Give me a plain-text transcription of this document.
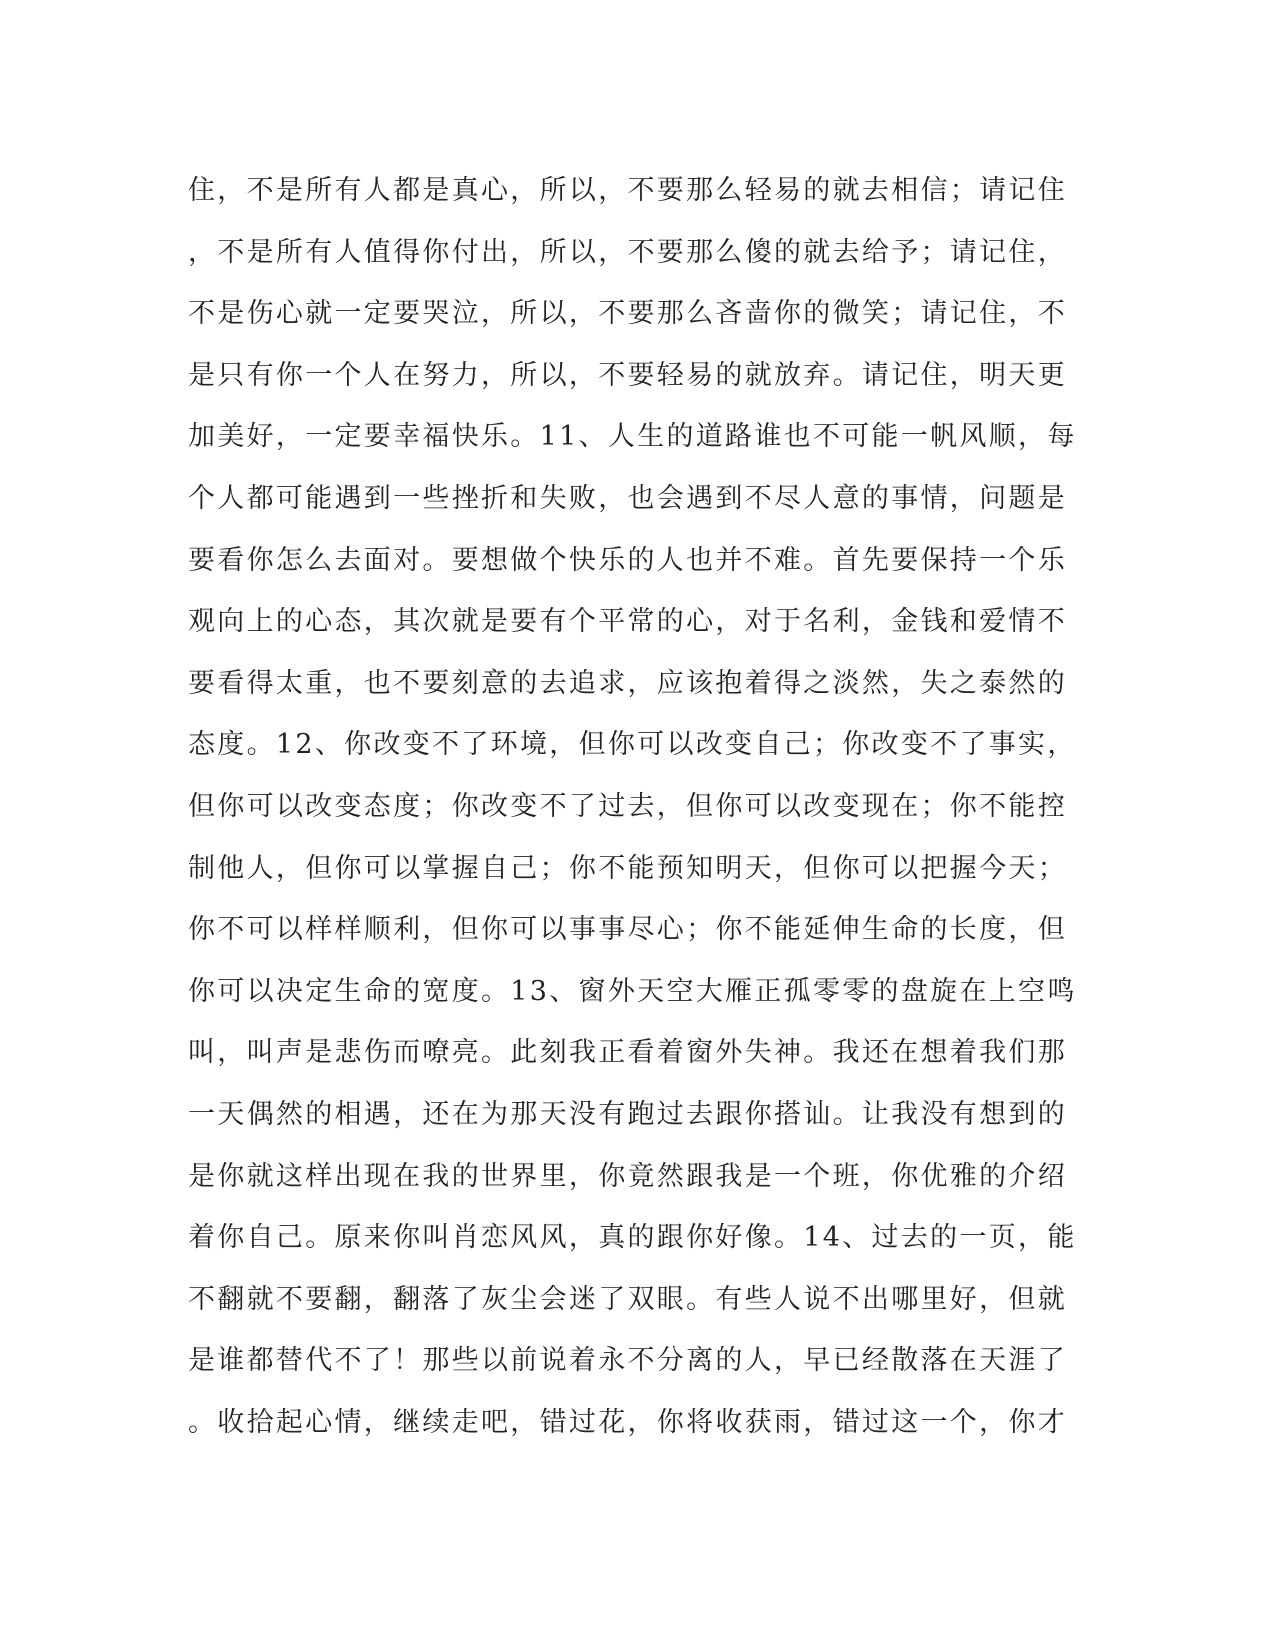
住，不是所有人都是真心，所以，不要那么轻易的就去相信；请记住
，不是所有人值得你付出，所以，不要那么傻的就去给予；请记住，
不是伤心就一定要哭泣，所以，不要那么吝啬你的微笑；请记住，不
是只有你一个人在努力，所以，不要轻易的就放弃。请记住，明天更
加美好，一定要幸福快乐。11、人生的道路谁也不可能一帆风顺，每
个人都可能遇到一些挫折和失败，也会遇到不尽人意的事情，问题是
要看你怎么去面对。要想做个快乐的人也并不难。首先要保持一个乐
观向上的心态，其次就是要有个平常的心，对于名利，金钱和爱情不
要看得太重，也不要刻意的去追求，应该抱着得之淡然，失之泰然的
态度。12、你改变不了环境，但你可以改变自己；你改变不了事实，
但你可以改变态度；你改变不了过去，但你可以改变现在；你不能控
制他人，但你可以掌握自己；你不能预知明天，但你可以把握今天；
你不可以样样顺利，但你可以事事尽心；你不能延伸生命的长度，但
你可以决定生命的宽度。13、窗外天空大雁正孤零零的盘旋在上空鸣
叫，叫声是悲伤而嘹亮。此刻我正看着窗外失神。我还在想着我们那
一天偶然的相遇，还在为那天没有跑过去跟你搭讪。让我没有想到的
是你就这样出现在我的世界里，你竟然跟我是一个班，你优雅的介绍
着你自己。原来你叫肖恋风风，真的跟你好像。14、过去的一页，能
不翻就不要翻，翻落了灰尘会迷了双眼。有些人说不出哪里好，但就
是谁都替代不了！那些以前说着永不分离的人，早已经散落在天涯了
。收拾起心情，继续走吧，错过花，你将收获雨，错过这一个，你才
